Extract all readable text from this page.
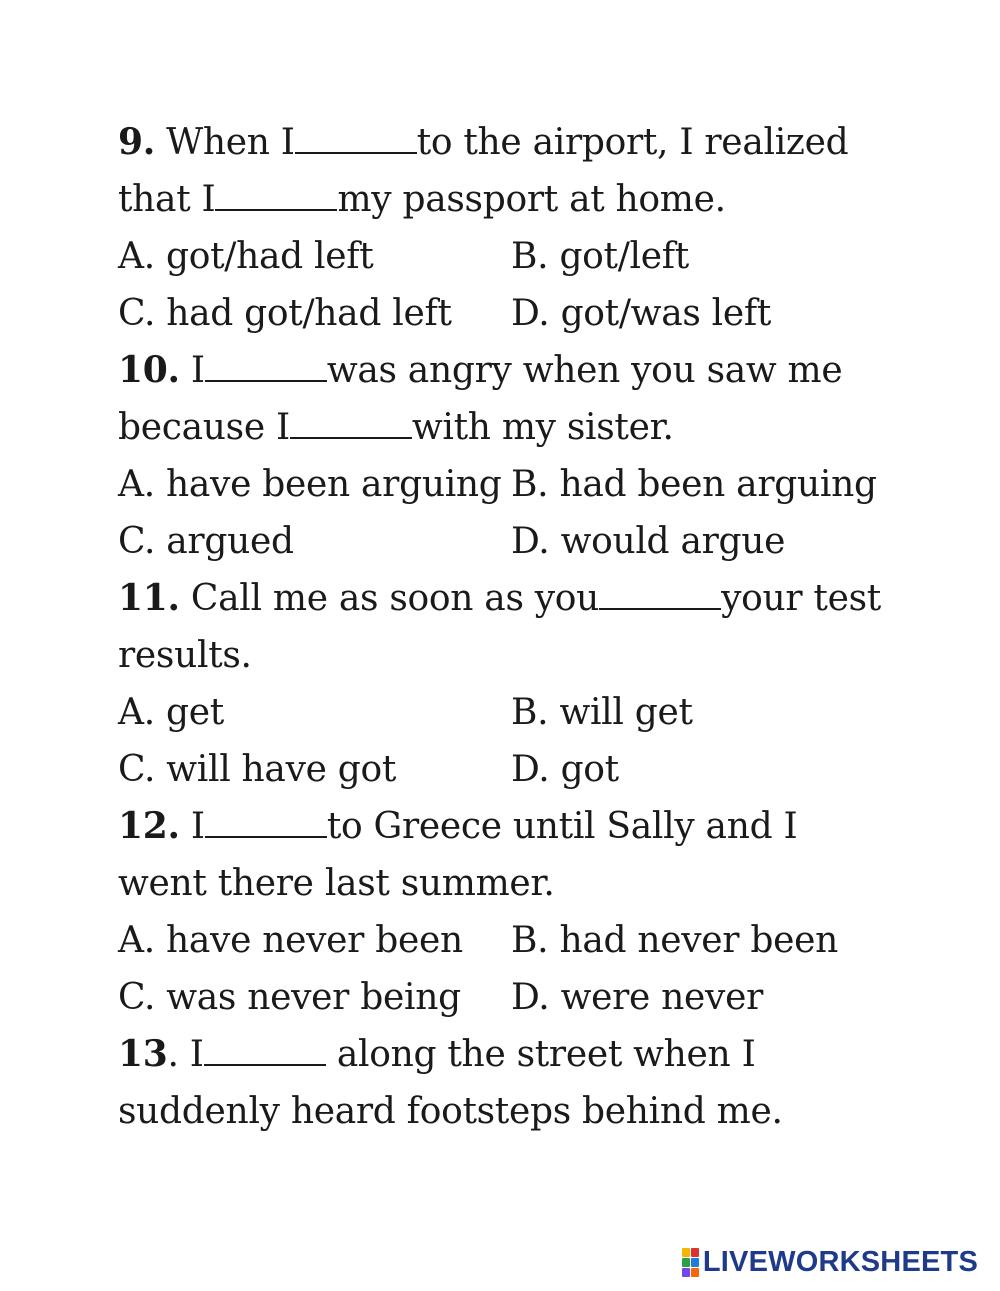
9. When I	to the airport, I realized
that I	my passport at home.
A. got/had left	B. got/left
C. had got/had left D. got/was left
10. I	was angry when you saw me
because I	with my sister.
A. have been arguing B. had been arguing
C. argued	D. would argue
11. Call me as soon as you	your test
results.
A. get	B. will get
C. will have got	D. got
12. I	to Greece until Sally and I
went there last summer.
A. have never been B. had never been
C. was never being D. were never
13. I	along the street when I
suddenly heard footsteps behind me.
LIVEWORKSHEETS
